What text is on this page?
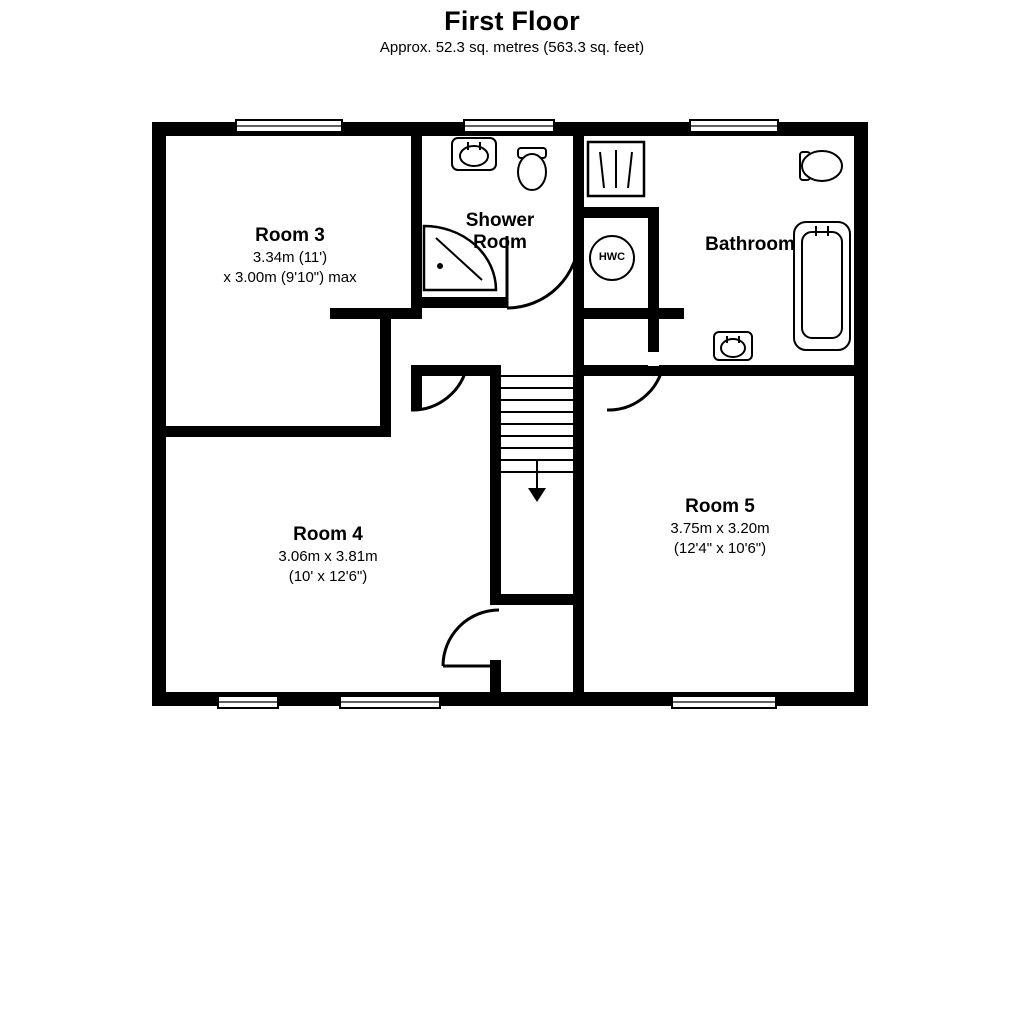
First Floor
Approx. 52.3 sq. metres (563.3 sq. feet)
Room 3
3.34m (11')
x 3.00m (9'10") max
Room 4
3.06m x 3.81m
(10' x 12'6")
Room 5
3.75m x 3.20m
(12'4" x 10'6")
Shower
Room	Bathroom
HWC
